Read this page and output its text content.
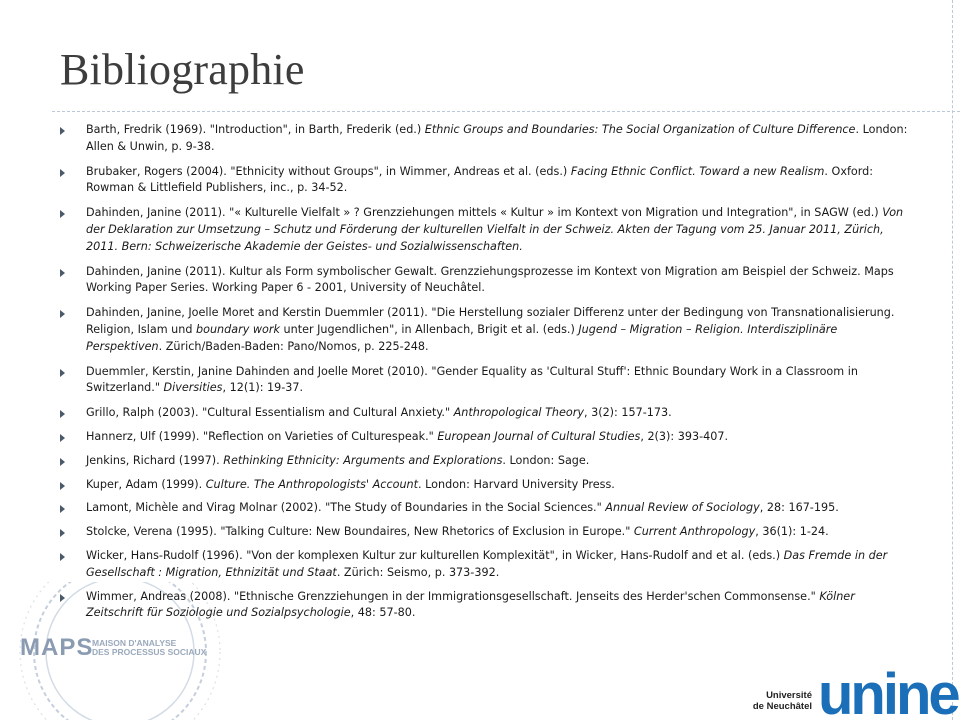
Bibliographie
Barth, Fredrik (1969). "Introduction", in Barth, Frederik (ed.) Ethnic Groups and Boundaries: The Social Organization of Culture Difference. London: Allen & Unwin, p. 9-38.
Brubaker, Rogers (2004). "Ethnicity without Groups", in Wimmer, Andreas et al. (eds.) Facing Ethnic Conflict. Toward a new Realism. Oxford: Rowman & Littlefield Publishers, inc., p. 34-52.
Dahinden, Janine (2011). "« Kulturelle Vielfalt » ? Grenzziehungen mittels « Kultur » im Kontext von Migration und Integration", in SAGW (ed.) Von der Deklaration zur Umsetzung – Schutz und Förderung der kulturellen Vielfalt in der Schweiz. Akten der Tagung vom 25. Januar 2011, Zürich, 2011. Bern: Schweizerische Akademie der Geistes- und Sozialwissenschaften.
Dahinden, Janine (2011). Kultur als Form symbolischer Gewalt. Grenzziehungsprozesse im Kontext von Migration am Beispiel der Schweiz. Maps Working Paper Series. Working Paper 6 - 2001, University of Neuchâtel.
Dahinden, Janine, Joelle Moret and Kerstin Duemmler (2011). "Die Herstellung sozialer Differenz unter der Bedingung von Transnationalisierung. Religion, Islam und boundary work unter Jugendlichen", in Allenbach, Brigit et al. (eds.) Jugend – Migration – Religion. Interdisziplinäre Perspektiven. Zürich/Baden-Baden: Pano/Nomos, p. 225-248.
Duemmler, Kerstin, Janine Dahinden and Joelle Moret (2010). "Gender Equality as 'Cultural Stuff': Ethnic Boundary Work in a Classroom in Switzerland." Diversities, 12(1): 19-37.
Grillo, Ralph (2003). "Cultural Essentialism and Cultural Anxiety." Anthropological Theory, 3(2): 157-173.
Hannerz, Ulf (1999). "Reflection on Varieties of Culturespeak." European Journal of Cultural Studies, 2(3): 393-407.
Jenkins, Richard (1997). Rethinking Ethnicity: Arguments and Explorations. London: Sage.
Kuper, Adam (1999). Culture. The Anthropologists' Account. London: Harvard University Press.
Lamont, Michèle and Virag Molnar (2002). "The Study of Boundaries in the Social Sciences." Annual Review of Sociology, 28: 167-195.
Stolcke, Verena (1995). "Talking Culture: New Boundaires, New Rhetorics of Exclusion in Europe." Current Anthropology, 36(1): 1-24.
Wicker, Hans-Rudolf (1996). "Von der komplexen Kultur zur kulturellen Komplexität", in Wicker, Hans-Rudolf and et al. (eds.) Das Fremde in der Gesellschaft : Migration, Ethnizität und Staat. Zürich: Seismo, p. 373-392.
Wimmer, Andreas (2008). "Ethnische Grenzziehungen in der Immigrationsgesellschaft. Jenseits des Herder'schen Commonsense." Kölner Zeitschrift für Soziologie und Sozialpsychologie, 48: 57-80.
MAPS
MAISON D'ANALYSE
DES PROCESSUS SOCIAUX
Université
de Neuchâtel unine
